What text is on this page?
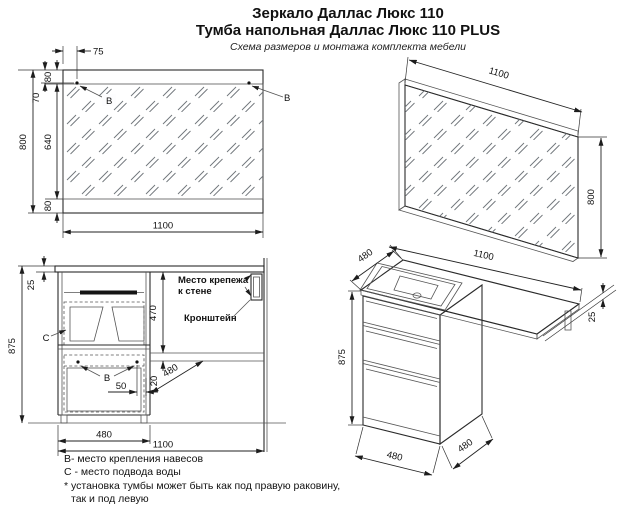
Зеркало Даллас Люкс 110
Тумба напольная Даллас Люкс 110 PLUS
Схема размеров и монтажа комплекта мебели
800
80
640
80
70
75
1100
В	В
1100
800
25
875
470
20
480
50
480
1100
С
В
Место крепежа
к стене
Кронштейн
480	1100
875
25
480
480
В- место крепления навесов
С - место подвода воды
* установка тумбы может быть как под правую раковину,
так и под левую
